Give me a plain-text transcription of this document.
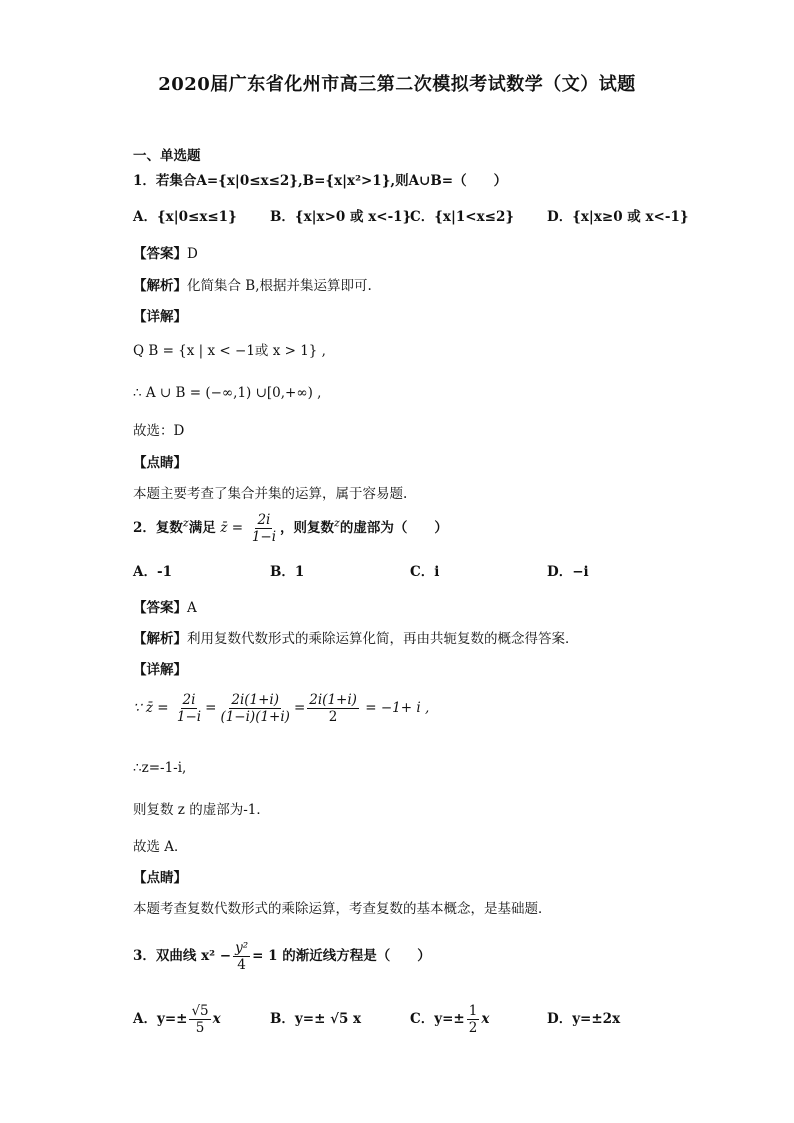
2020届广东省化州市高三第二次模拟考试数学（文）试题
一、单选题
1．若集合A={x|0≤x≤2},B={x|x²>1},则A∪B=（　　）
A．{x|0≤x≤1} B．{x|x>0 或 x<-1}
C．{x|1<x≤2} D．{x|x≥0 或 x<-1}
【答案】D
【解析】化简集合 B,根据并集运算即可.
【详解】
Q B = {x | x < −1或 x > 1} ,
∴ A ∪ B = (−∞,1) ∪[0,+∞) ,
故选：D
【点睛】
本题主要考查了集合并集的运算，属于容易题.
2．复数$^z$满足 z̄ = $\frac{2i}{1-i}$ ，则复数$^z$的虚部为（　　）
A．-1	B．1	C．i	D．−i
【答案】A
【解析】利用复数代数形式的乘除运算化简，再由共轭复数的概念得答案．
【详解】
∵ z̄ = $\frac{2i}{1-i} = \frac{2i(1+i)}{(1-i)(1+i)} = \frac{2i(1+i)}{2} = -1+ i$ ,
∴z=-1-i,
则复数 z 的虚部为-1．
故选 A．
【点睛】
本题考查复数代数形式的乘除运算，考查复数的基本概念，是基础题．
3．双曲线 $x^2 - \frac{\text{y²}}{4} = 1$ 的渐近线方程是（　　）
A．$y=\pm \frac{√5}{5}$ x	B．y=± √5 x	C．$y=\pm \frac{1}{2}$ x	D．y=±2x
